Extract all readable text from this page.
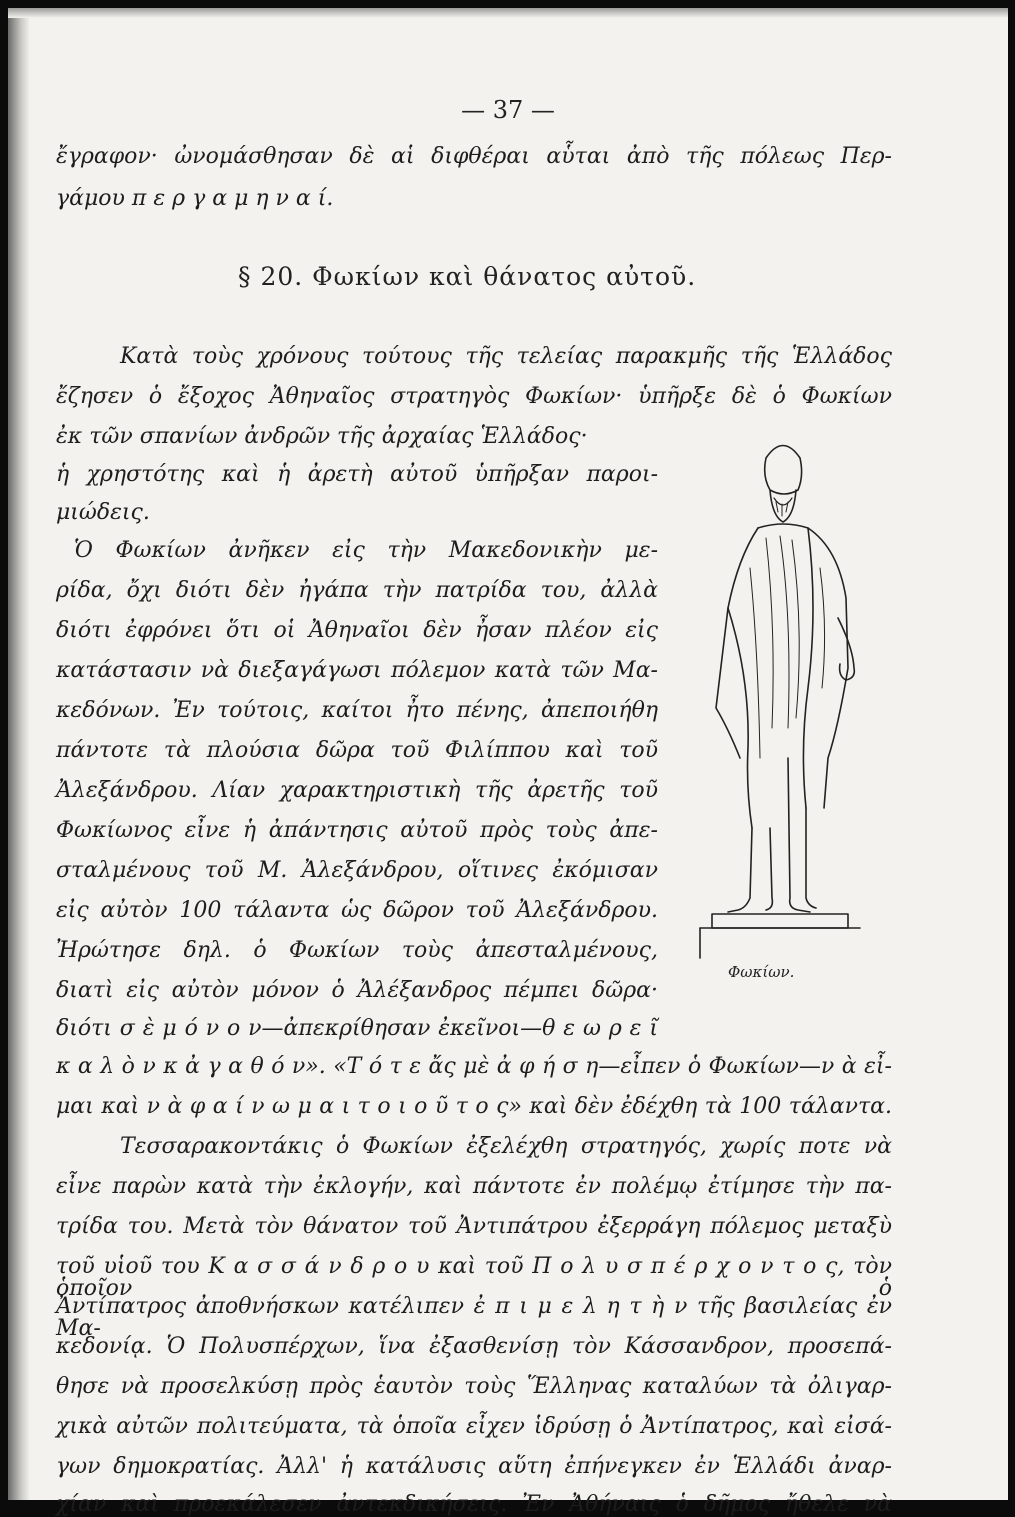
— 37 —
ἔγραφον· ὠνομάσθησαν δὲ αἱ διφθέραι αὗται ἀπὸ τῆς πόλεως Περ-
γάμου π ε ρ γ α μ η ν α ί.
§ 20. Φωκίων καὶ θάνατος αὐτοῦ.
Κατὰ τοὺς χρόνους τούτους τῆς τελείας παρακμῆς τῆς Ἑλλάδος
ἔζησεν ὁ ἔξοχος Ἀθηναῖος στρατηγὸς Φωκίων· ὑπῆρξε δὲ ὁ Φωκίων
ἐκ τῶν σπανίων ἀνδρῶν τῆς ἀρχαίας Ἑλλάδος·
ἡ χρηστότης καὶ ἡ ἀρετὴ αὐτοῦ ὑπῆρξαν παροι-
μιώδεις.
Ὁ Φωκίων ἀνῆκεν εἰς τὴν Μακεδονικὴν με-
ρίδα, ὄχι διότι δὲν ἠγάπα τὴν πατρίδα του, ἀλλὰ
διότι ἐφρόνει ὅτι οἱ Ἀθηναῖοι δὲν ἦσαν πλέον εἰς
κατάστασιν νὰ διεξαγάγωσι πόλεμον κατὰ τῶν Μα-
κεδόνων. Ἐν τούτοις, καίτοι ἦτο πένης, ἀπεποιήθη
πάντοτε τὰ πλούσια δῶρα τοῦ Φιλίππου καὶ τοῦ
Ἀλεξάνδρου. Λίαν χαρακτηριστικὴ τῆς ἀρετῆς τοῦ
Φωκίωνος εἶνε ἡ ἀπάντησις αὐτοῦ πρὸς τοὺς ἀπε-
σταλμένους τοῦ Μ. Ἀλεξάνδρου, οἵτινες ἐκόμισαν
εἰς αὐτὸν 100 τάλαντα ὡς δῶρον τοῦ Ἀλεξάνδρου.
Ἠρώτησε δηλ. ὁ Φωκίων τοὺς ἀπεσταλμένους,
διατὶ εἰς αὐτὸν μόνον ὁ Ἀλέξανδρος πέμπει δῶρα·
διότι σ ὲ μ ό ν ο ν—ἀπεκρίθησαν ἐκεῖνοι—θ ε ω ρ ε ῖ
κ α λ ὸ ν κ ἀ γ α θ ό ν». «Τ ό τ ε ἄς μὲ ἀ φ ή σ η—εἶπεν ὁ Φωκίων—ν ὰ εἶ-
μαι καὶ ν ὰ φ α ί ν ω μ α ι τ ο ι ο ῦ τ ο ς» καὶ δὲν ἐδέχθη τὰ 100 τάλαντα.
Τεσσαρακοντάκις ὁ Φωκίων ἐξελέχθη στρατηγός, χωρίς ποτε νὰ
εἶνε παρὼν κατὰ τὴν ἐκλογήν, καὶ πάντοτε ἐν πολέμῳ ἐτίμησε τὴν πα-
τρίδα του. Μετὰ τὸν θάνατον τοῦ Ἀντιπάτρου ἐξερράγη πόλεμος μεταξὺ
τοῦ υἱοῦ του Κ α σ σ ά ν δ ρ ο υ καὶ τοῦ Π ο λ υ σ π έ ρ χ ο ν τ ο ς, τὸν ὁποῖον ὁ
Ἀντίπατρος ἀποθνήσκων κατέλιπεν ἐ π ι μ ε λ η τ ὴ ν τῆς βασιλείας ἐν Μα-
κεδονίᾳ. Ὁ Πολυσπέρχων, ἵνα ἐξασθενίσῃ τὸν Κάσσανδρον, προσεπά-
θησε νὰ προσελκύσῃ πρὸς ἑαυτὸν τοὺς Ἕλληνας καταλύων τὰ ὀλιγαρ-
χικὰ αὐτῶν πολιτεύματα, τὰ ὁποῖα εἶχεν ἱδρύσῃ ὁ Ἀντίπατρος, καὶ εἰσά-
γων δημοκρατίας. Ἀλλ' ἡ κατάλυσις αὕτη ἐπήνεγκεν ἐν Ἑλλάδι ἀναρ-
χίαν καὶ προεκάλεσεν ἀντεκδικήσεις. Ἐν Ἀθήναις ὁ δῆμος ἤθελε νὰ
Φωκίων.
